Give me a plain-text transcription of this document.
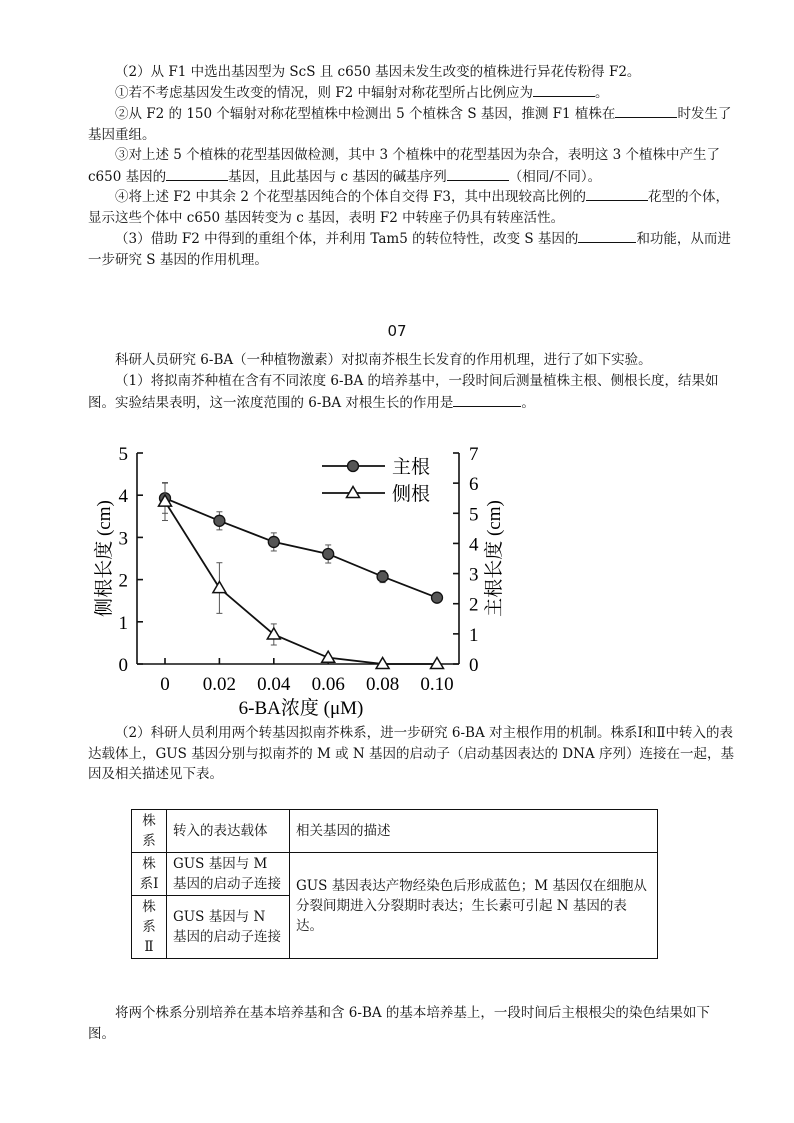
（2）从 F1 中选出基因型为 ScS 且 c650 基因未发生改变的植株进行异花传粉得 F2。

①若不考虑基因发生改变的情况，则 F2 中辐射对称花型所占比例应为	。

②从 F2 的 150 个辐射对称花型植株中检测出 5 个植株含 S 基因，推测 F1 植株在	时发生了基因重组。

③对上述 5 个植株的花型基因做检测，其中 3 个植株中的花型基因为杂合，表明这 3 个植株中产生了 c650 基因的	基因，且此基因与 c 基因的碱基序列	（相同/不同）。

④将上述 F2 中其余 2 个花型基因纯合的个体自交得 F3，其中出现较高比例的	花型的个体，显示这些个体中 c650 基因转变为 c 基因，表明 F2 中转座子仍具有转座活性。

（3）借助 F2 中得到的重组个体，并利用 Tam5 的转位特性，改变 S 基因的	和功能，从而进一步研究 S 基因的作用机理。

07

科研人员研究 6-BA（一种植物激素）对拟南芥根生长发育的作用机理，进行了如下实验。

（1）将拟南芥种植在含有不同浓度 6-BA 的培养基中，一段时间后测量植株主根、侧根长度，结果如图。实验结果表明，这一浓度范围的 6-BA 对根生长的作用是	。

0
1
2
3
4
5
0
1
2
3
4
5
6
7
0 0.02 0.04 0.06 0.08 0.10
6-BA浓度 (μM)
侧根长度 (cm)	主根长度 (cm)
主根
侧根

（2）科研人员利用两个转基因拟南芥株系，进一步研究 6-BA 对主根作用的机制。株系Ⅰ和Ⅱ中转入的表达载体上，GUS 基因分别与拟南芥的 M 或 N 基因的启动子（启动基因表达的 DNA 序列）连接在一起，基因及相关描述见下表。

株系	转入的表达载体	相关基因的描述
株系Ⅰ	GUS 基因与 M 基因的启动子连接	GUS 基因表达产物经染色后形成蓝色；M 基因仅在细胞从分裂间期进入分裂期时表达；生长素可引起 N 基因的表达。
株系Ⅱ	GUS 基因与 N 基因的启动子连接	

将两个株系分别培养在基本培养基和含 6-BA 的基本培养基上，一段时间后主根根尖的染色结果如下图。
